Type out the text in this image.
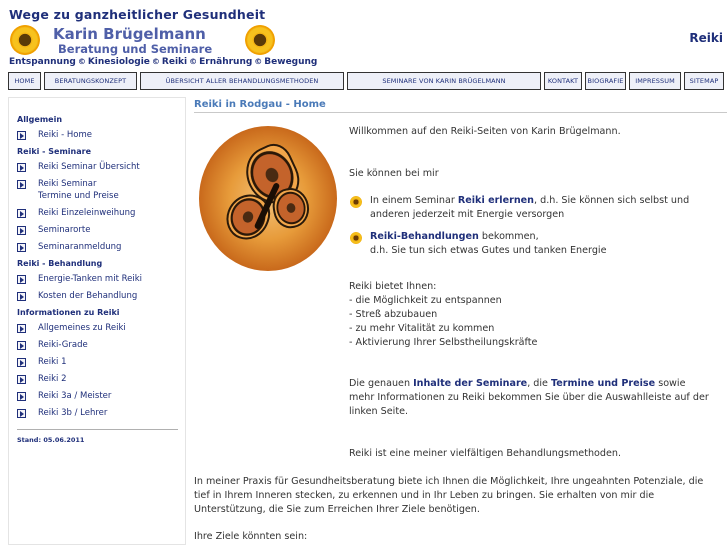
Wege zu ganzheitlicher Gesundheit
Karin Brügelmann
Beratung und Seminare
Entspannung © Kinesiologie © Reiki © Ernährung © Bewegung
Reiki
HOME	BERATUNGSKONZEPT	ÜBERSICHT ALLER BEHANDLUNGSMETHODEN	SEMINARE VON KARIN BRÜGELMANN	KONTAKT	BIOGRAFIE	IMPRESSUM	SITEMAP
Allgemein
Reiki - Home
Reiki - Seminare
Reiki Seminar Übersicht
Reiki Seminar
Termine und Preise
Reiki Einzeleinweihung
Seminarorte
Seminaranmeldung
Reiki - Behandlung
Energie-Tanken mit Reiki
Kosten der Behandlung
Informationen zu Reiki
Allgemeines zu Reiki
Reiki-Grade
Reiki 1
Reiki 2
Reiki 3a / Meister
Reiki 3b / Lehrer
Stand: 05.06.2011
Reiki in Rodgau - Home
Willkommen auf den Reiki-Seiten von Karin Brügelmann.
Sie können bei mir
In einem Seminar Reiki erlernen, d.h. Sie können sich selbst und anderen jederzeit mit Energie versorgen
Reiki-Behandlungen bekommen,
d.h. Sie tun sich etwas Gutes und tanken Energie
Reiki bietet Ihnen:
- die Möglichkeit zu entspannen
- Streß abzubauen
- zu mehr Vitalität zu kommen
- Aktivierung Ihrer Selbstheilungskräfte
Die genauen Inhalte der Seminare, die Termine und Preise sowie mehr Informationen zu Reiki bekommen Sie über die Auswahlleiste auf der linken Seite.
Reiki ist eine meiner vielfältigen Behandlungsmethoden.
In meiner Praxis für Gesundheitsberatung biete ich Ihnen die Möglichkeit, Ihre ungeahnten Potenziale, die tief in Ihrem Inneren stecken, zu erkennen und in Ihr Leben zu bringen. Sie erhalten von mir die Unterstützung, die Sie zum Erreichen Ihrer Ziele benötigen.
Ihre Ziele könnten sein:
